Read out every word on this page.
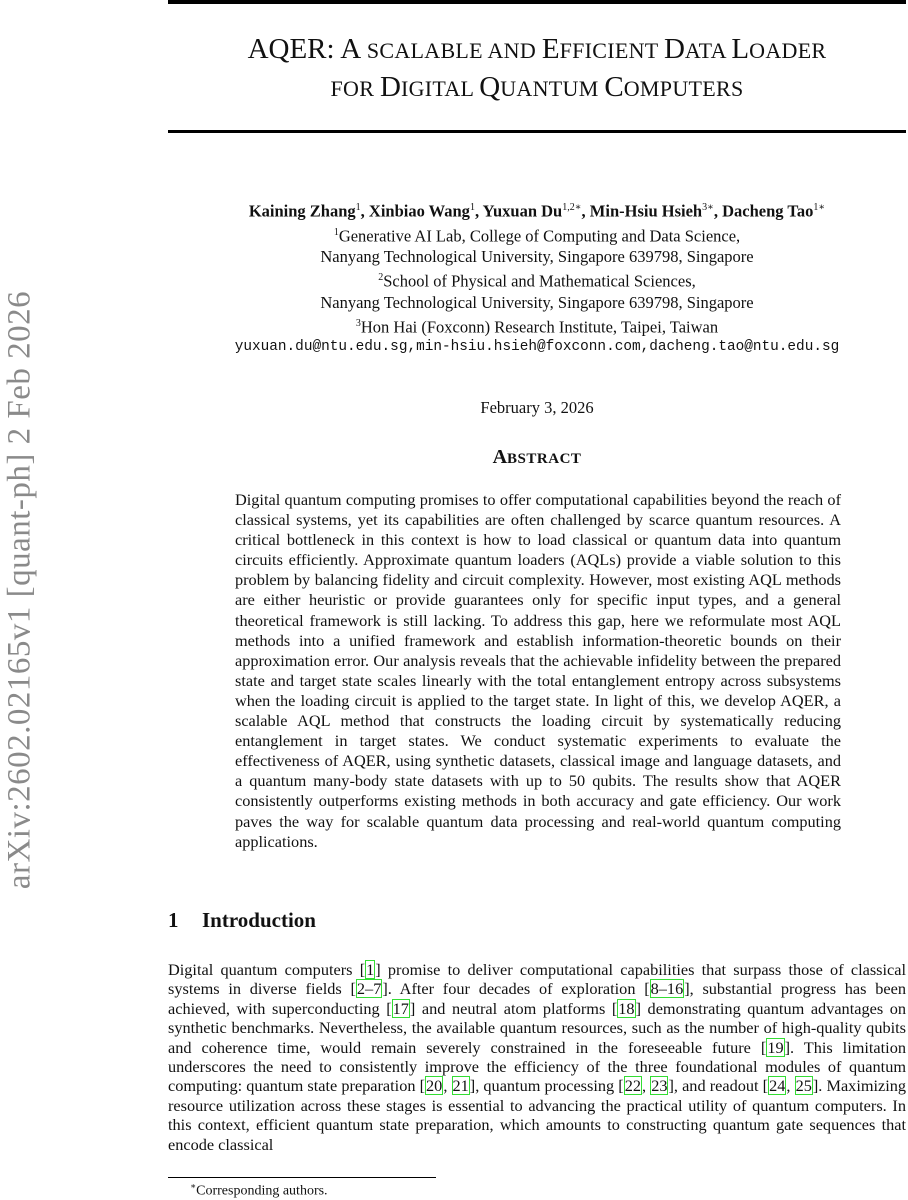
arXiv:2602.02165v1 [quant-ph] 2 Feb 2026
AQER: A SCALABLE AND EFFICIENT DATA LOADER
FOR DIGITAL QUANTUM COMPUTERS
Kaining Zhang$^1$, Xinbiao Wang$^1$, Yuxuan $Du^{1,2∗}$, Min-Hsiu Hsieh$^{3∗}$, Dacheng Tao$^{1∗}$
$^1$Generative AI Lab, College of Computing and Data Science,
Nanyang Technological University, Singapore 639798, Singapore
$^2$School of Physical and Mathematical Sciences,
Nanyang Technological University, Singapore 639798, Singapore
$^3$Hon Hai (Foxconn) Research Institute, Taipei, Taiwan
yuxuan.du@ntu.edu.sg,min-hsiu.hsieh@foxconn.com,dacheng.tao@ntu.edu.sg
February 3, 2026
ABSTRACT

Digital quantum computing promises to offer computational capabilities beyond the reach of classical systems, yet its capabilities are often challenged by scarce quantum resources. A critical bottleneck in this context is how to load classical or quantum data into quantum circuits efficiently. Approximate quantum loaders (AQLs) provide a viable solution to this problem by balancing fidelity and circuit complexity. However, most existing AQL methods are either heuristic or provide guarantees only for specific input types, and a general theoretical framework is still lacking. To address this gap, here we reformulate most AQL methods into a unified framework and establish information-theoretic bounds on their approximation error. Our analysis reveals that the achievable infidelity between the prepared state and target state scales linearly with the total entanglement entropy across subsystems when the loading circuit is applied to the target state. In light of this, we develop AQER, a scalable AQL method that constructs the loading circuit by systematically reducing entanglement in target states. We conduct systematic experiments to evaluate the effectiveness of AQER, using synthetic datasets, classical image and language datasets, and a quantum many-body state datasets with up to 50 qubits. The results show that AQER consistently outperforms existing methods in both accuracy and gate efficiency. Our work paves the way for scalable quantum data processing and real-world quantum computing applications.

1 Introduction

Digital quantum computers [1] promise to deliver computational capabilities that surpass those of classical systems in diverse fields [2–7]. After four decades of exploration [8–16], substantial progress has been achieved, with superconducting [17] and neutral atom platforms [18] demonstrating quantum advantages on synthetic benchmarks. Nevertheless, the available quantum resources, such as the number of high-quality qubits and coherence time, would remain severely constrained in the foreseeable future [19]. This limitation underscores the need to consistently improve the efficiency of the three foundational modules of quantum computing: quantum state preparation [20, 21], quantum processing [22, 23], and readout [24, 25]. Maximizing resource utilization across these stages is essential to advancing the practical utility of quantum computers. In this context, efficient quantum state preparation, which amounts to constructing quantum gate sequences that encode classical

∗Corresponding authors.
